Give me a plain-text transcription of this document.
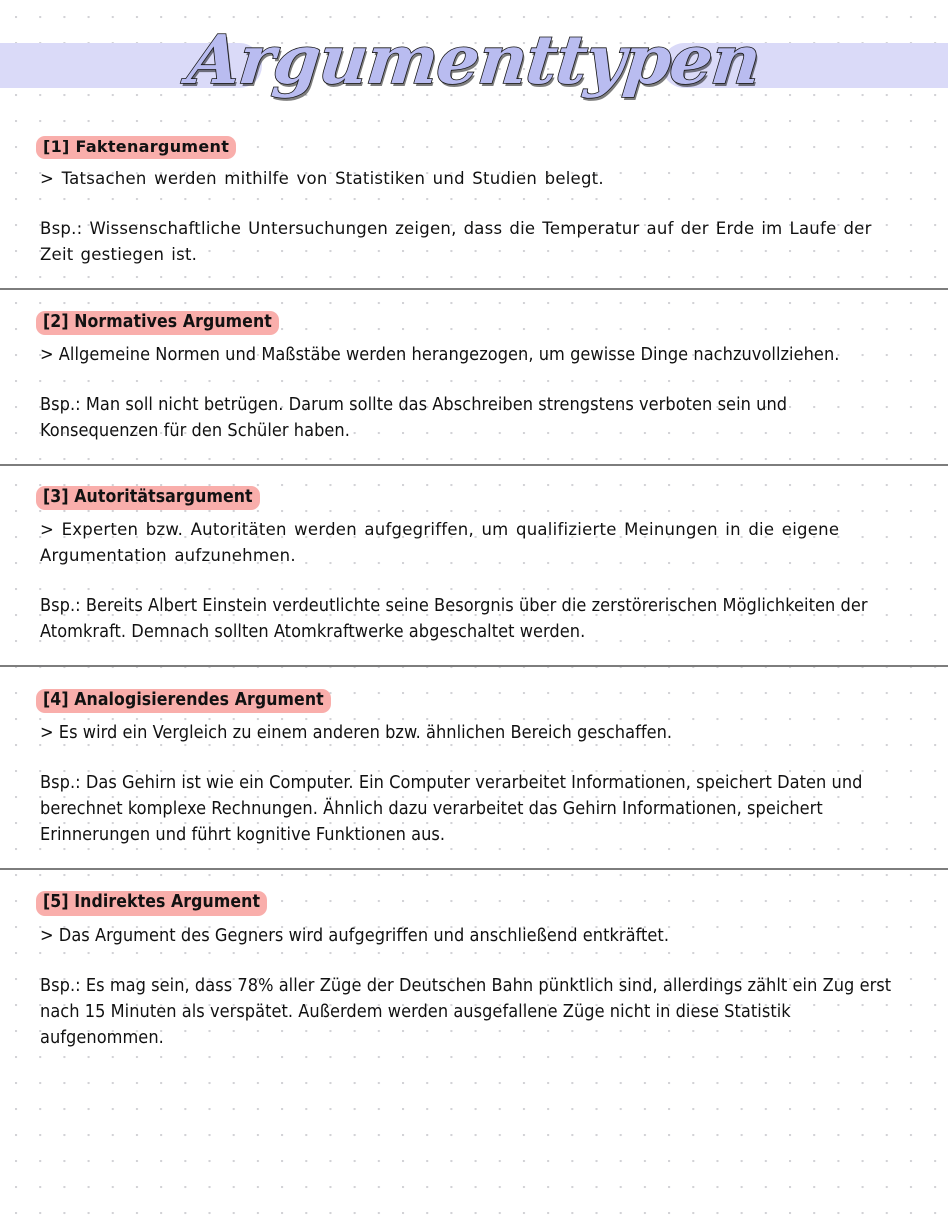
Argumenttypen
[1] Faktenargument
> Tatsachen werden mithilfe von Statistiken und Studien belegt.
Bsp.: Wissenschaftliche Untersuchungen zeigen, dass die Temperatur auf der Erde im Laufe der Zeit gestiegen ist.
[2] Normatives Argument
> Allgemeine Normen und Maßstäbe werden herangezogen, um gewisse Dinge nachzuvollziehen.
Bsp.: Man soll nicht betrügen. Darum sollte das Abschreiben strengstens verboten sein und Konsequenzen für den Schüler haben.
[3] Autoritätsargument
> Experten bzw. Autoritäten werden aufgegriffen, um qualifizierte Meinungen in die eigene Argumentation aufzunehmen.
Bsp.: Bereits Albert Einstein verdeutlichte seine Besorgnis über die zerstörerischen Möglichkeiten der Atomkraft. Demnach sollten Atomkraftwerke abgeschaltet werden.
[4] Analogisierendes Argument
> Es wird ein Vergleich zu einem anderen bzw. ähnlichen Bereich geschaffen.
Bsp.: Das Gehirn ist wie ein Computer. Ein Computer verarbeitet Informationen, speichert Daten und berechnet komplexe Rechnungen. Ähnlich dazu verarbeitet das Gehirn Informationen, speichert Erinnerungen und führt kognitive Funktionen aus.
[5] Indirektes Argument
> Das Argument des Gegners wird aufgegriffen und anschließend entkräftet.
Bsp.: Es mag sein, dass 78% aller Züge der Deutschen Bahn pünktlich sind, allerdings zählt ein Zug erst nach 15 Minuten als verspätet. Außerdem werden ausgefallene Züge nicht in diese Statistik aufgenommen.
